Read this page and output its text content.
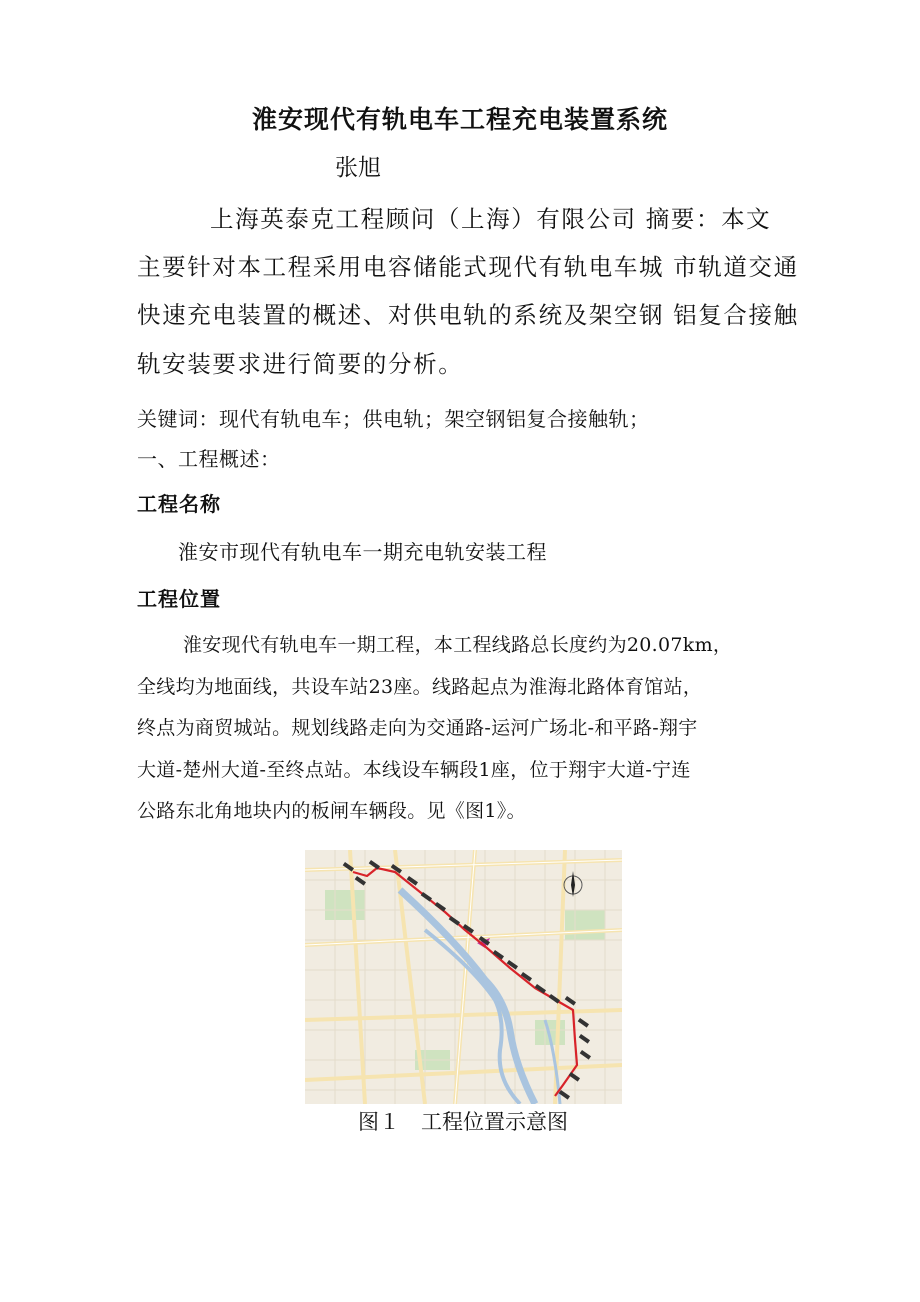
淮安现代有轨电车工程充电装置系统
张旭
上海英泰克工程顾问（上海）有限公司 摘要：本文
主要针对本工程采用电容储能式现代有轨电车城 市轨道交通
快速充电装置的概述、对供电轨的系统及架空钢 铝复合接触
轨安装要求进行简要的分析。
关键词：现代有轨电车；供电轨；架空钢铝复合接触轨；
一、工程概述：
工程名称
淮安市现代有轨电车一期充电轨安装工程
工程位置
淮安现代有轨电车一期工程，本工程线路总长度约为20.07km，
全线均为地面线，共设车站23座。线路起点为淮海北路体育馆站，
终点为商贸城站。规划线路走向为交通路-运河广场北-和平路-翔宇
大道-楚州大道-至终点站。本线设车辆段1座，位于翔宇大道-宁连
公路东北角地块内的板闸车辆段。见《图1》。
图１　工程位置示意图
